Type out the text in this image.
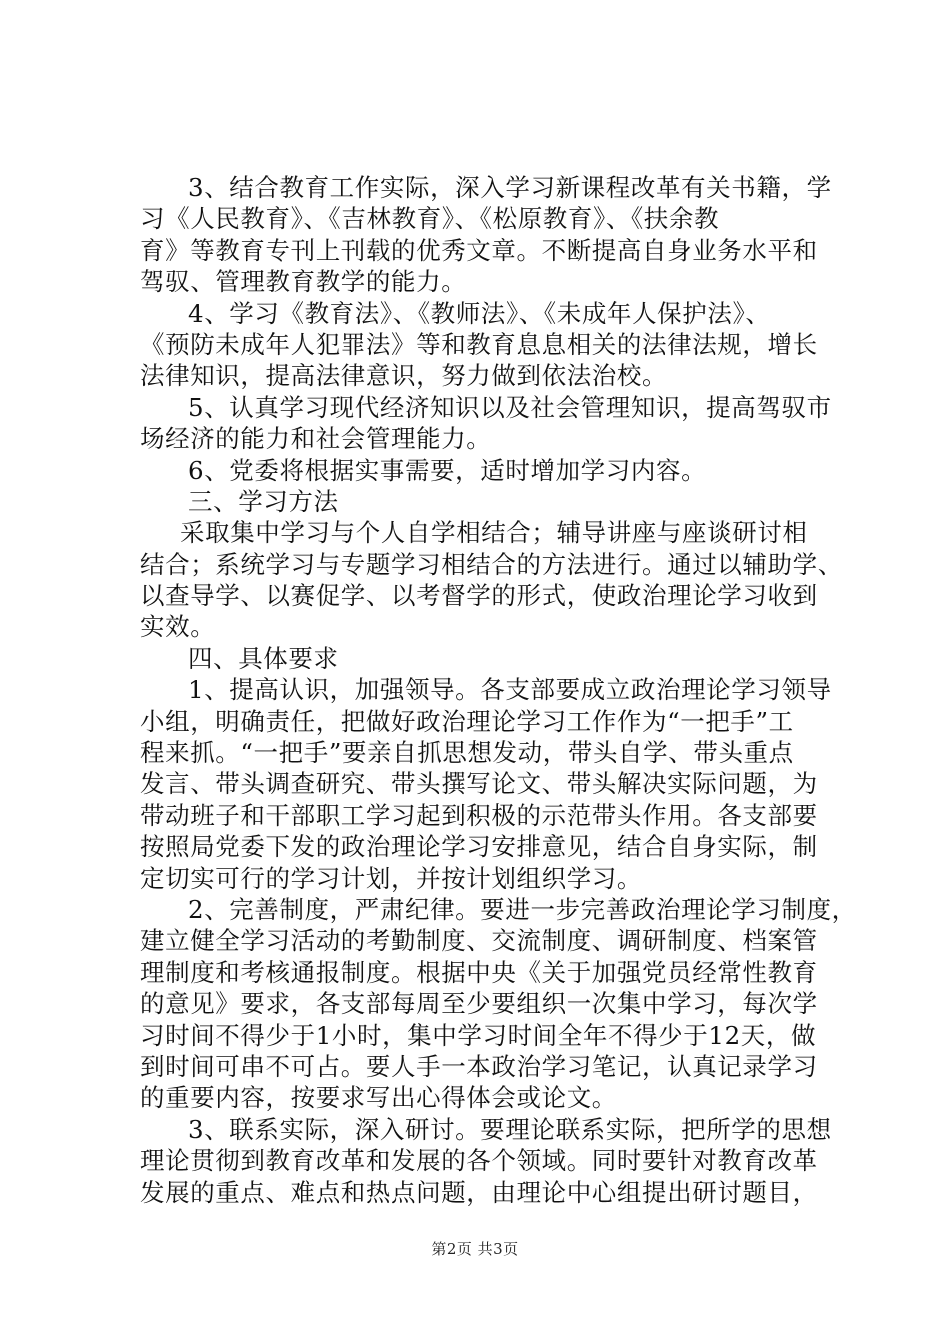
3、结合教育工作实际，深入学习新课程改革有关书籍，学
习《人民教育》、《吉林教育》、《松原教育》、《扶余教
育》等教育专刊上刊载的优秀文章。不断提高自身业务水平和
驾驭、管理教育教学的能力。
4、学习《教育法》、《教师法》、《未成年人保护法》、
《预防未成年人犯罪法》等和教育息息相关的法律法规，增长
法律知识，提高法律意识，努力做到依法治校。
5、认真学习现代经济知识以及社会管理知识，提高驾驭市
场经济的能力和社会管理能力。
6、党委将根据实事需要，适时增加学习内容。
三、学习方法
采取集中学习与个人自学相结合；辅导讲座与座谈研讨相
结合；系统学习与专题学习相结合的方法进行。通过以辅助学、
以查导学、以赛促学、以考督学的形式，使政治理论学习收到
实效。
四、具体要求
1、提高认识，加强领导。各支部要成立政治理论学习领导
小组，明确责任，把做好政治理论学习工作作为“一把手”工
程来抓。“一把手”要亲自抓思想发动，带头自学、带头重点
发言、带头调查研究、带头撰写论文、带头解决实际问题，为
带动班子和干部职工学习起到积极的示范带头作用。各支部要
按照局党委下发的政治理论学习安排意见，结合自身实际，制
定切实可行的学习计划，并按计划组织学习。
2、完善制度，严肃纪律。要进一步完善政治理论学习制度，
建立健全学习活动的考勤制度、交流制度、调研制度、档案管
理制度和考核通报制度。根据中央《关于加强党员经常性教育
的意见》要求，各支部每周至少要组织一次集中学习，每次学
习时间不得少于1小时，集中学习时间全年不得少于12天，做
到时间可串不可占。要人手一本政治学习笔记，认真记录学习
的重要内容，按要求写出心得体会或论文。
3、联系实际，深入研讨。要理论联系实际，把所学的思想
理论贯彻到教育改革和发展的各个领域。同时要针对教育改革
发展的重点、难点和热点问题，由理论中心组提出研讨题目，
第2页 共3页
